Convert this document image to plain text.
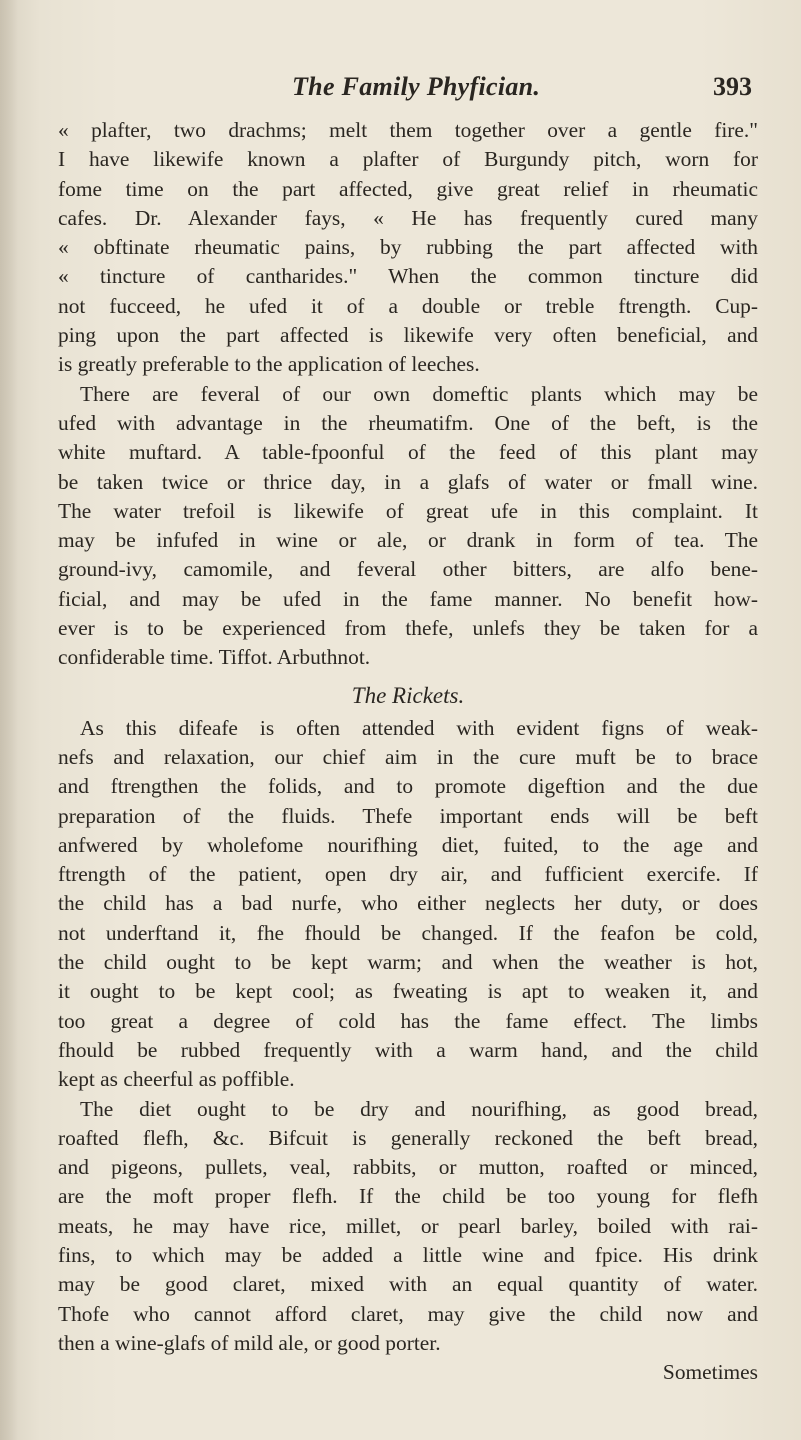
The Family Phyfician.	393
« plafter, two drachms; melt them together over a gentle fire."
I have likewife known a plafter of Burgundy pitch, worn for
fome time on the part affected, give great relief in rheumatic
cafes. Dr. Alexander fays, « He has frequently cured many
« obftinate rheumatic pains, by rubbing the part affected with
« tincture of cantharides." When the common tincture did
not fucceed, he ufed it of a double or treble ftrength. Cup-
ping upon the part affected is likewife very often beneficial, and
is greatly preferable to the application of leeches.
There are feveral of our own domeftic plants which may be
ufed with advantage in the rheumatifm. One of the beft, is the
white muftard. A table-fpoonful of the feed of this plant may
be taken twice or thrice day, in a glafs of water or fmall wine.
The water trefoil is likewife of great ufe in this complaint. It
may be infufed in wine or ale, or drank in form of tea. The
ground-ivy, camomile, and feveral other bitters, are alfo bene-
ficial, and may be ufed in the fame manner. No benefit how-
ever is to be experienced from thefe, unlefs they be taken for a
confiderable time. Tiffot. Arbuthnot.
The Rickets.
As this difeafe is often attended with evident figns of weak-
nefs and relaxation, our chief aim in the cure muft be to brace
and ftrengthen the folids, and to promote digeftion and the due
preparation of the fluids. Thefe important ends will be beft
anfwered by wholefome nourifhing diet, fuited, to the age and
ftrength of the patient, open dry air, and fufficient exercife. If
the child has a bad nurfe, who either neglects her duty, or does
not underftand it, fhe fhould be changed. If the feafon be cold,
the child ought to be kept warm; and when the weather is hot,
it ought to be kept cool; as fweating is apt to weaken it, and
too great a degree of cold has the fame effect. The limbs
fhould be rubbed frequently with a warm hand, and the child
kept as cheerful as poffible.
The diet ought to be dry and nourifhing, as good bread,
roafted flefh, &c. Bifcuit is generally reckoned the beft bread,
and pigeons, pullets, veal, rabbits, or mutton, roafted or minced,
are the moft proper flefh. If the child be too young for flefh
meats, he may have rice, millet, or pearl barley, boiled with rai-
fins, to which may be added a little wine and fpice. His drink
may be good claret, mixed with an equal quantity of water.
Thofe who cannot afford claret, may give the child now and
then a wine-glafs of mild ale, or good porter.
Sometimes
